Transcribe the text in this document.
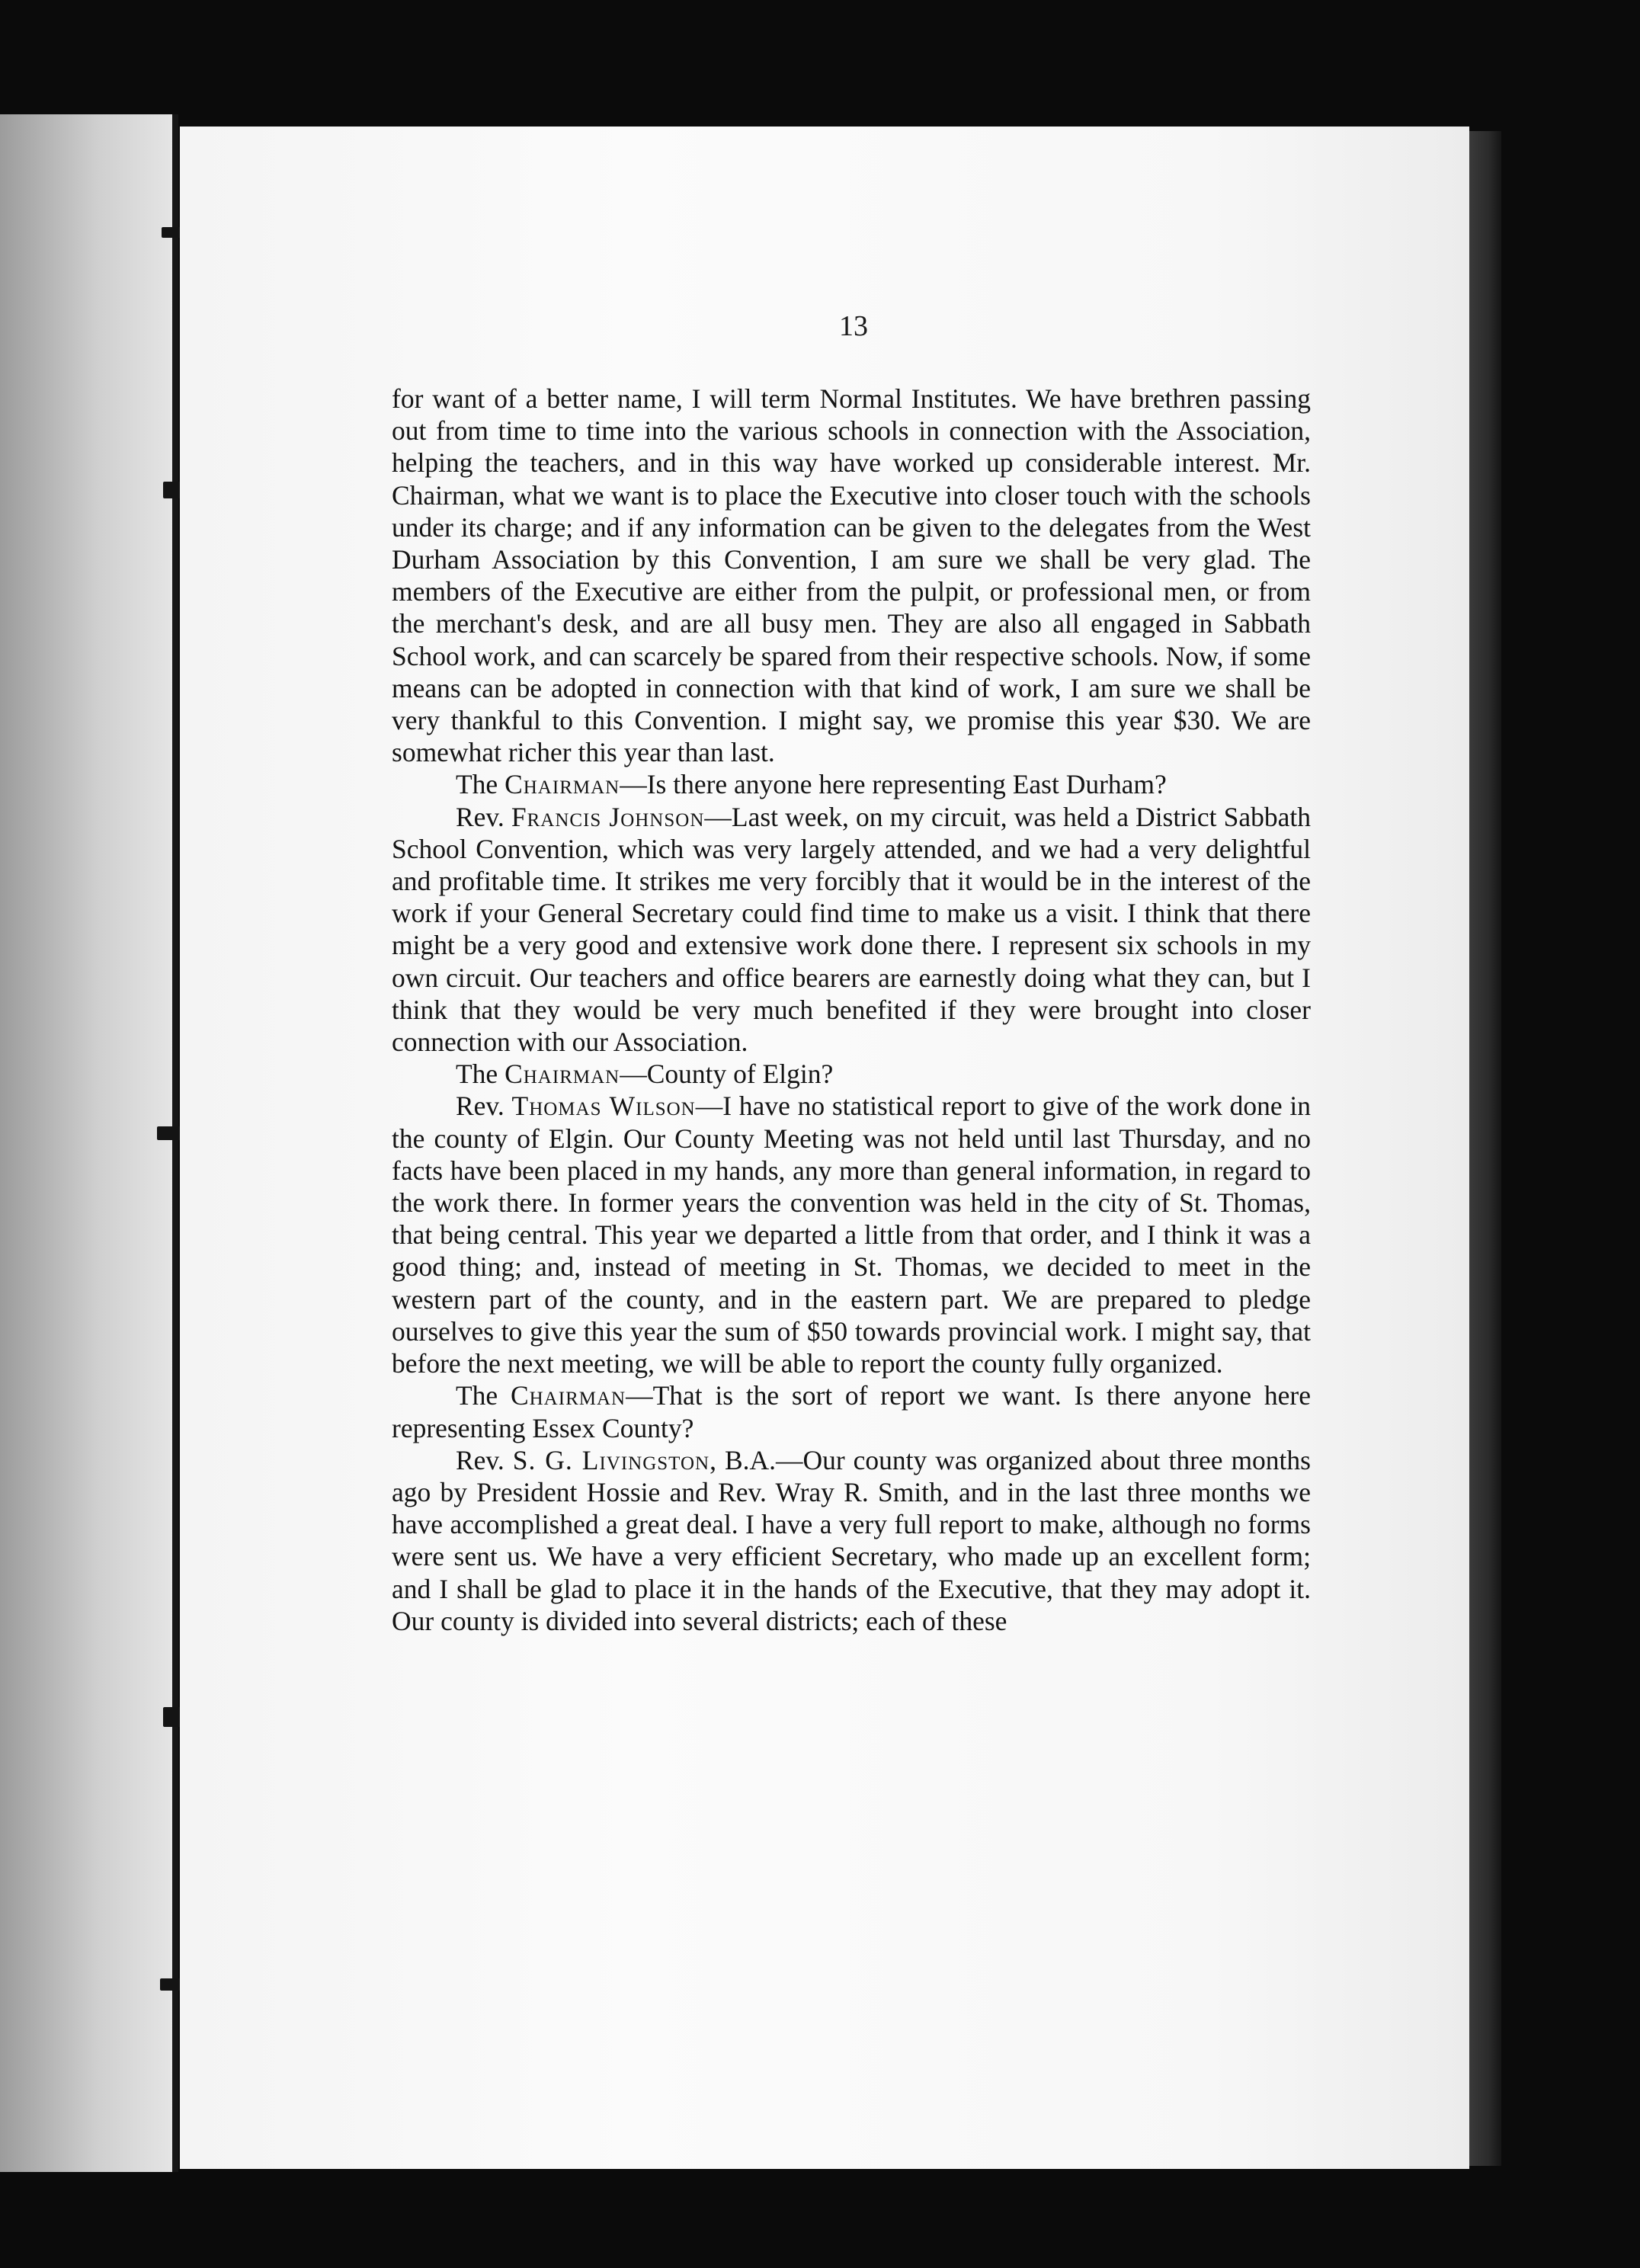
13

for want of a better name, I will term Normal Institutes. We have brethren passing out from time to time into the various schools in connection with the Association, helping the teachers, and in this way have worked up considerable interest. Mr. Chairman, what we want is to place the Executive into closer touch with the schools under its charge; and if any information can be given to the delegates from the West Durham Association by this Convention, I am sure we shall be very glad. The members of the Executive are either from the pulpit, or professional men, or from the merchant's desk, and are all busy men. They are also all engaged in Sabbath School work, and can scarcely be spared from their respective schools. Now, if some means can be adopted in connection with that kind of work, I am sure we shall be very thankful to this Convention. I might say, we promise this year $30. We are somewhat richer this year than last.

The Chairman—Is there anyone here representing East Durham?

Rev. Francis Johnson—Last week, on my circuit, was held a District Sabbath School Convention, which was very largely attended, and we had a very delightful and profitable time. It strikes me very forcibly that it would be in the interest of the work if your General Secretary could find time to make us a visit. I think that there might be a very good and extensive work done there. I represent six schools in my own circuit. Our teachers and office bearers are earnestly doing what they can, but I think that they would be very much benefited if they were brought into closer connection with our Association.

The Chairman—County of Elgin?

Rev. Thomas Wilson—I have no statistical report to give of the work done in the county of Elgin. Our County Meeting was not held until last Thursday, and no facts have been placed in my hands, any more than general information, in regard to the work there. In former years the convention was held in the city of St. Thomas, that being central. This year we departed a little from that order, and I think it was a good thing; and, instead of meeting in St. Thomas, we decided to meet in the western part of the county, and in the eastern part. We are prepared to pledge ourselves to give this year the sum of $50 towards provincial work. I might say, that before the next meeting, we will be able to report the county fully organized.

The Chairman—That is the sort of report we want. Is there anyone here representing Essex County?

Rev. S. G. Livingston, B.A.—Our county was organized about three months ago by President Hossie and Rev. Wray R. Smith, and in the last three months we have accomplished a great deal. I have a very full report to make, although no forms were sent us. We have a very efficient Secretary, who made up an excellent form; and I shall be glad to place it in the hands of the Executive, that they may adopt it. Our county is divided into several districts; each of these
